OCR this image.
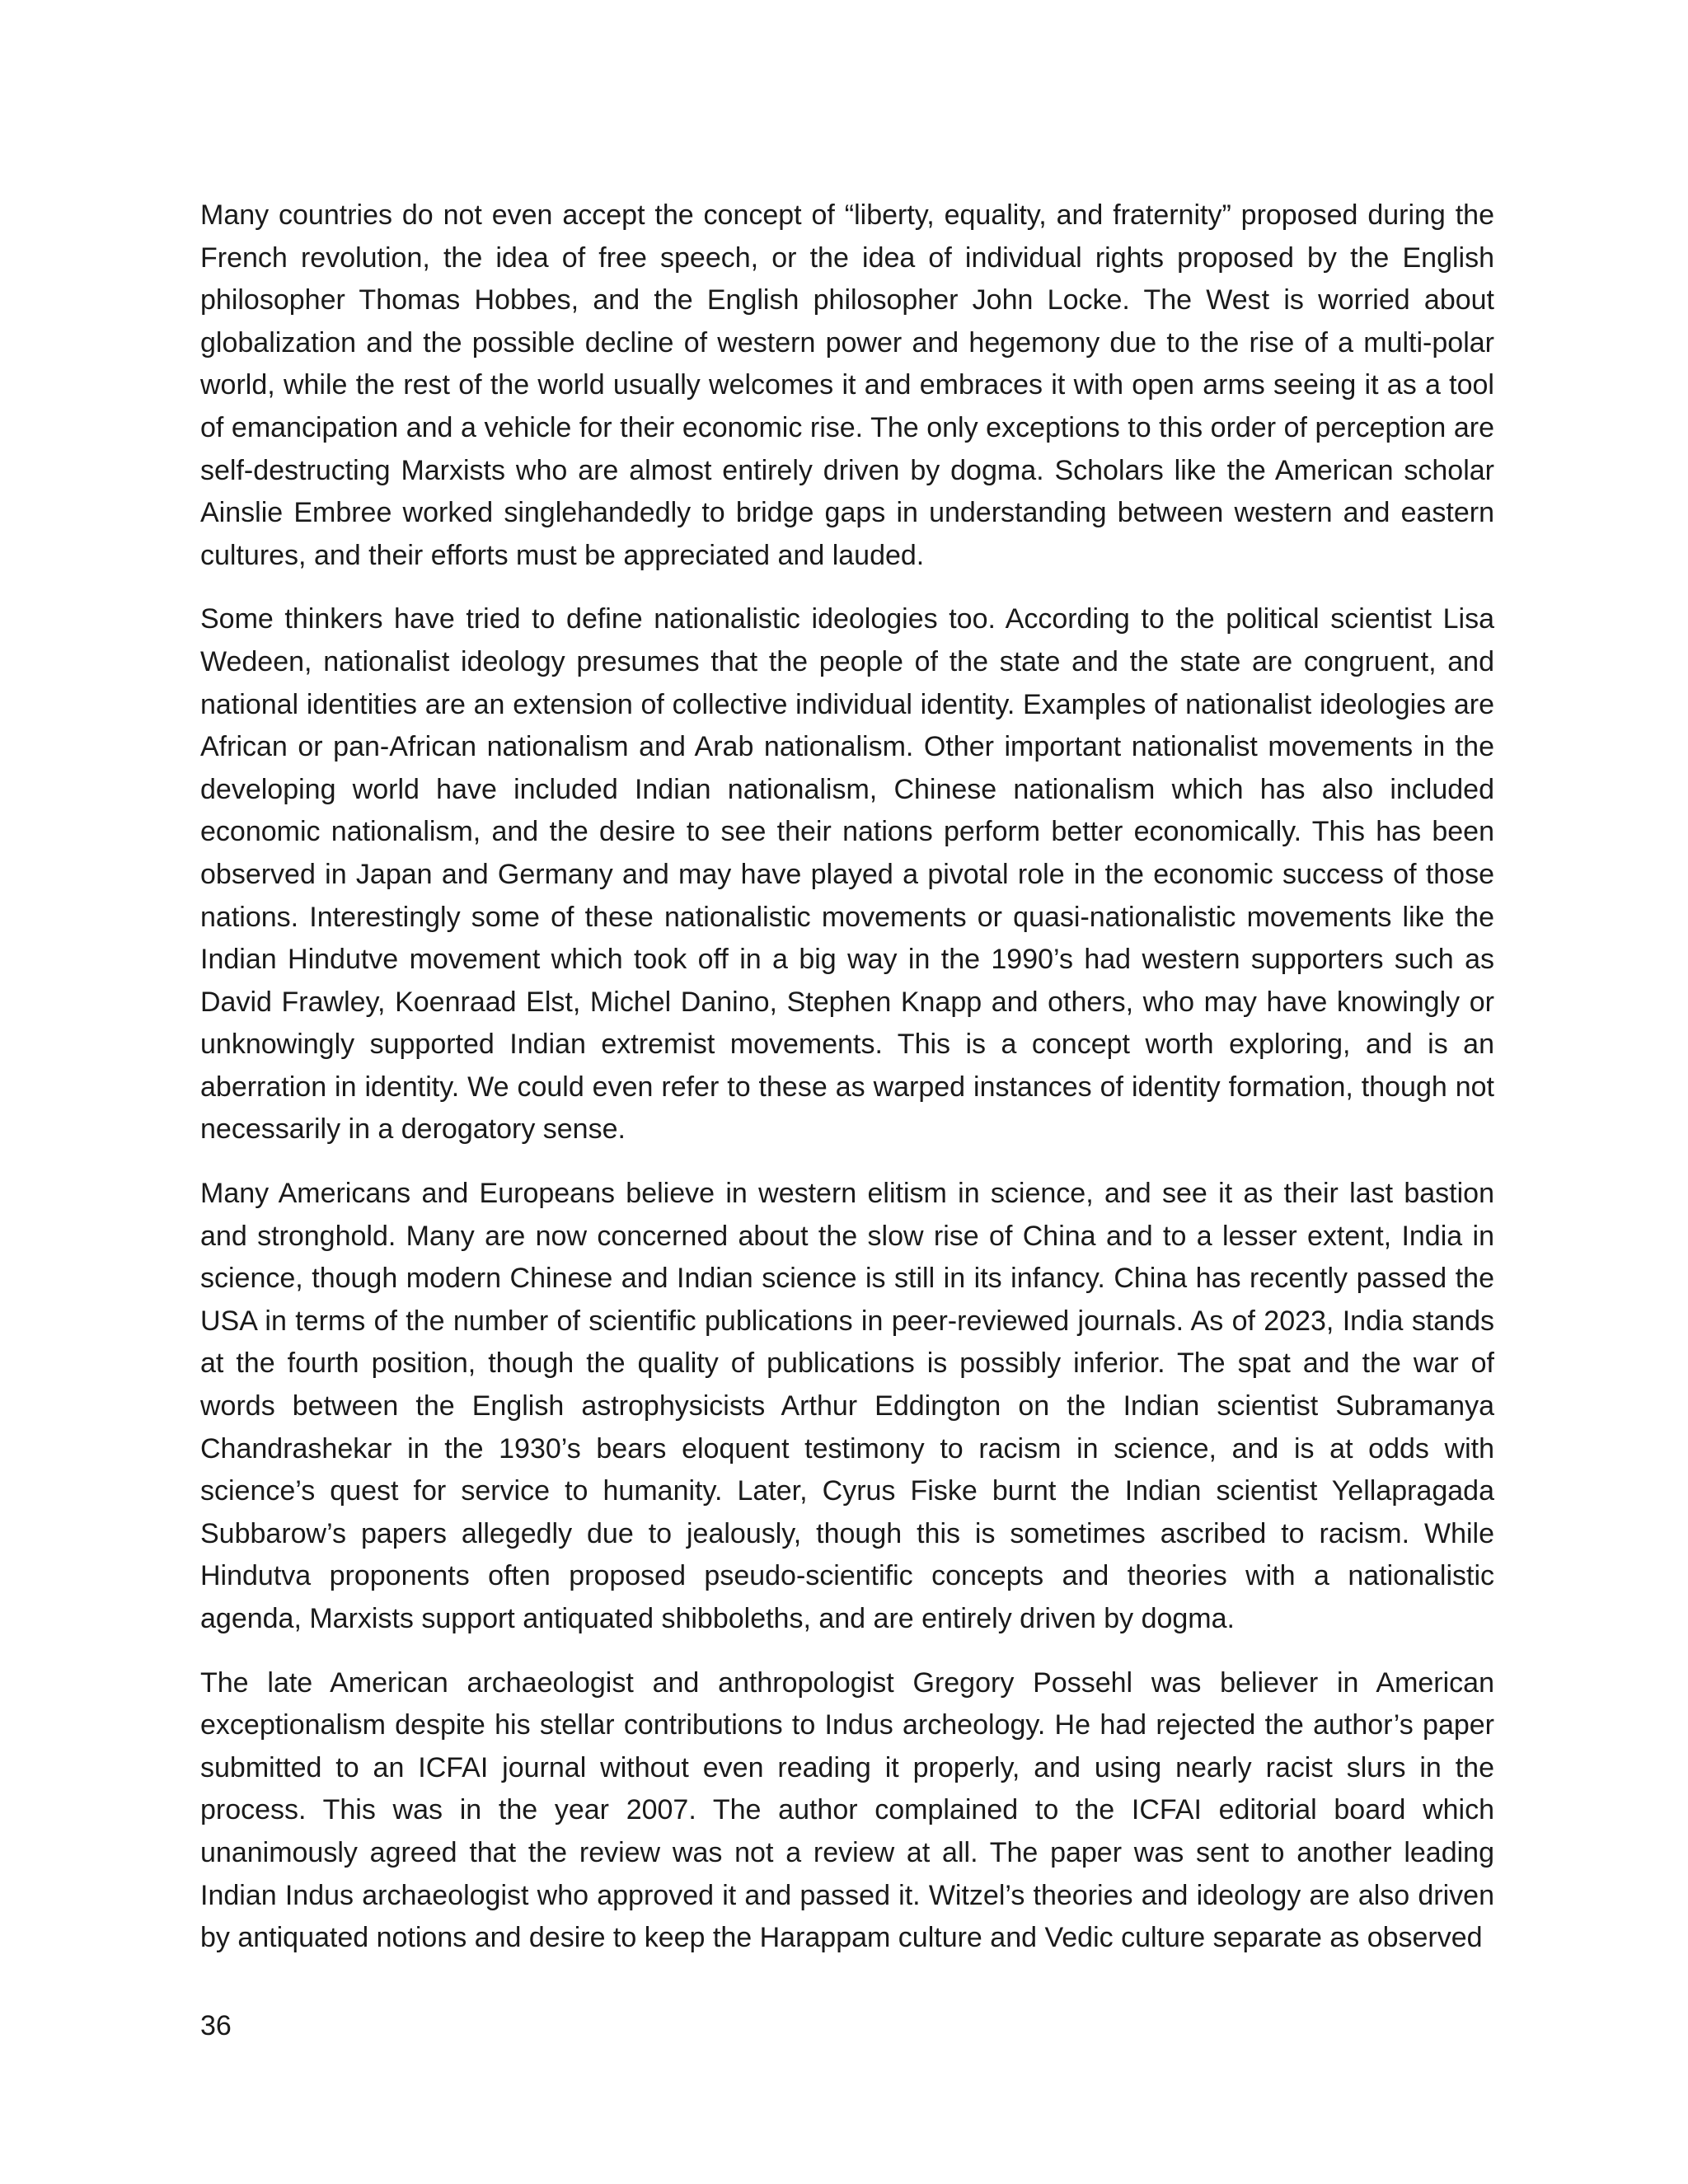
Many countries do not even accept the concept of “liberty, equality, and fraternity” proposed during the French revolution, the idea of free speech, or the idea of individual rights proposed by the English philosopher Thomas Hobbes, and the English philosopher John Locke. The West is worried about globalization and the possible decline of western power and hegemony due to the rise of a multi-polar world, while the rest of the world usually welcomes it and embraces it with open arms seeing it as a tool of emancipation and a vehicle for their economic rise. The only exceptions to this order of perception are self-destructing Marxists who are almost entirely driven by dogma. Scholars like the American scholar Ainslie Embree worked singlehandedly to bridge gaps in understanding between western and eastern cultures, and their efforts must be appreciated and lauded.

Some thinkers have tried to define nationalistic ideologies too. According to the political scientist Lisa Wedeen, nationalist ideology presumes that the people of the state and the state are congruent, and national identities are an extension of collective individual identity. Examples of nationalist ideologies are African or pan-African nationalism and Arab nationalism. Other important nationalist movements in the developing world have included Indian nationalism, Chinese nationalism which has also included economic nationalism, and the desire to see their nations perform better economically. This has been observed in Japan and Germany and may have played a pivotal role in the economic success of those nations. Interestingly some of these nationalistic movements or quasi-nationalistic movements like the Indian Hindutve movement which took off in a big way in the 1990’s had western supporters such as David Frawley, Koenraad Elst, Michel Danino, Stephen Knapp and others, who may have knowingly or unknowingly supported Indian extremist movements. This is a concept worth exploring, and is an aberration in identity. We could even refer to these as warped instances of identity formation, though not necessarily in a derogatory sense.

Many Americans and Europeans believe in western elitism in science, and see it as their last bastion and stronghold. Many are now concerned about the slow rise of China and to a lesser extent, India in science, though modern Chinese and Indian science is still in its infancy. China has recently passed the USA in terms of the number of scientific publications in peer-reviewed journals. As of 2023, India stands at the fourth position, though the quality of publications is possibly inferior. The spat and the war of words between the English astrophysicists Arthur Eddington on the Indian scientist Subramanya Chandrashekar in the 1930’s bears eloquent testimony to racism in science, and is at odds with science’s quest for service to humanity. Later, Cyrus Fiske burnt the Indian scientist Yellapragada Subbarow’s papers allegedly due to jealously, though this is sometimes ascribed to racism. While Hindutva proponents often proposed pseudo-scientific concepts and theories with a nationalistic agenda, Marxists support antiquated shibboleths, and are entirely driven by dogma.

The late American archaeologist and anthropologist Gregory Possehl was believer in American exceptionalism despite his stellar contributions to Indus archeology. He had rejected the author’s paper submitted to an ICFAI journal without even reading it properly, and using nearly racist slurs in the process. This was in the year 2007. The author complained to the ICFAI editorial board which unanimously agreed that the review was not a review at all. The paper was sent to another leading Indian Indus archaeologist who approved it and passed it. Witzel’s theories and ideology are also driven by antiquated notions and desire to keep the Harappam culture and Vedic culture separate as observed

36
